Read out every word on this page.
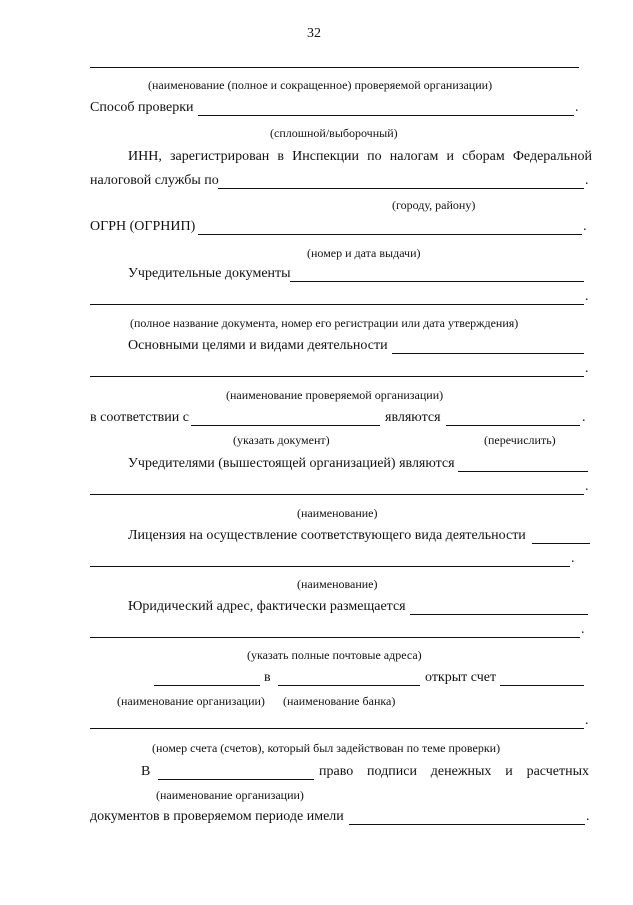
32
(наименование (полное и сокращенное) проверяемой организации)
Способ проверки	.
(сплошной/выборочный)
ИНН, зарегистрирован в Инспекции по налогам и сборам Федеральной
налоговой службы по	.
(городу, району)
ОГРН (ОГРНИП)	.
(номер и дата выдачи)
Учредительные документы
.
(полное название документа, номер его регистрации или дата утверждения)
Основными целями и видами деятельности
.
(наименование проверяемой организации)
в соответствии с	являются	.
(указать документ)	(перечислить)
Учредителями (вышестоящей организацией) являются
.
(наименование)
Лицензия на осуществление соответствующего вида деятельности
.
(наименование)
Юридический адрес, фактически размещается
.
(указать полные почтовые адреса)
в	открыт счет
(наименование организации) (наименование банка)
.
(номер счета (счетов), который был задействован по теме проверки)
В	право подписи денежных и расчетных
(наименование организации)
документов в проверяемом периоде имели	.
